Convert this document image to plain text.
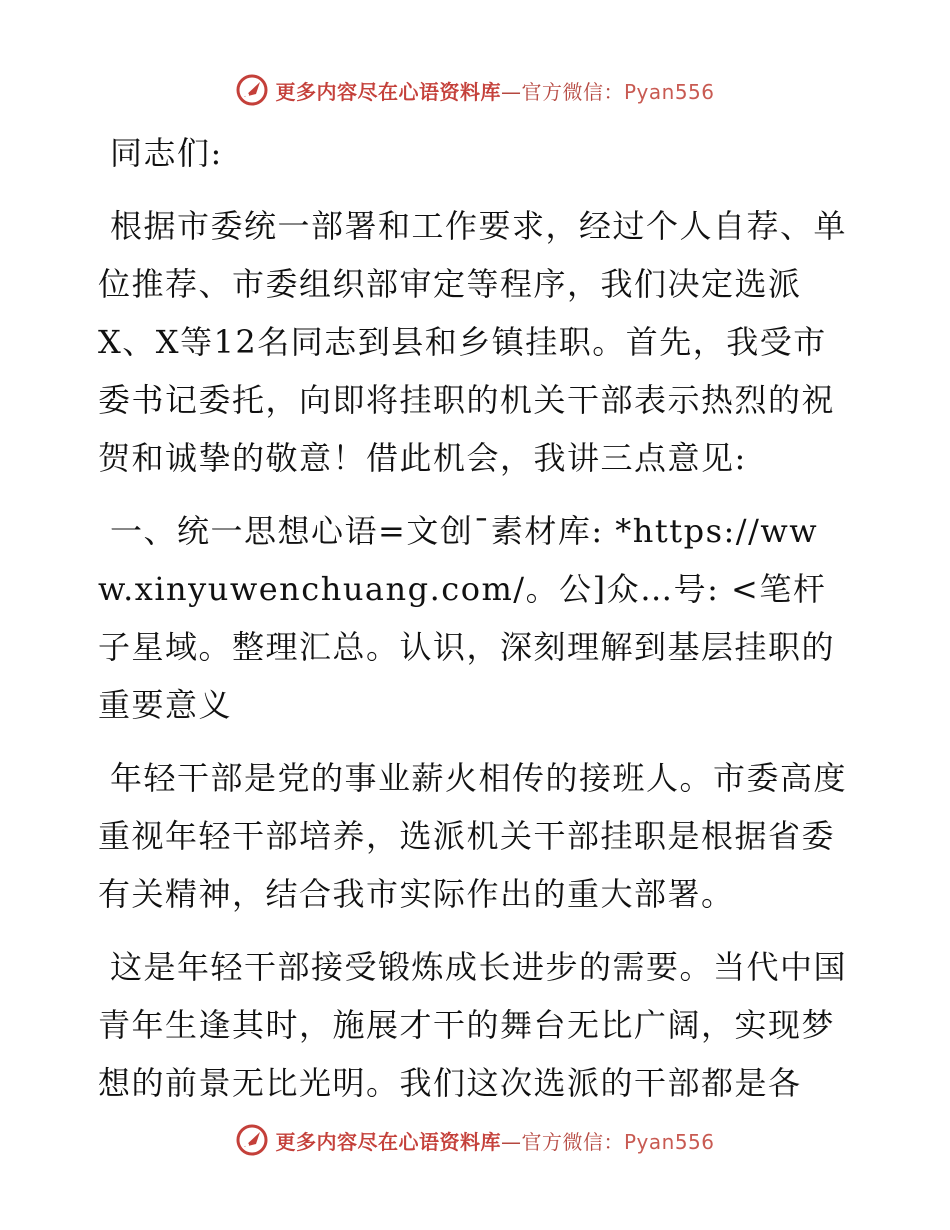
更多内容尽在心语资料库—官方微信：Pyan556

同志们:

根据市委统一部署和工作要求，经过个人自荐、单位推荐、市委组织部审定等程序，我们决定选派X、X等12名同志到县和乡镇挂职。首先，我受市委书记委托，向即将挂职的机关干部表示热烈的祝贺和诚挚的敬意！借此机会，我讲三点意见:

一、统一思想心语=文创¯素材库: *https://www.xinyuwenchuang.com/。公]众…号: <笔杆子星域。整理汇总。认识，深刻理解到基层挂职的重要意义

年轻干部是党的事业薪火相传的接班人。市委高度重视年轻干部培养，选派机关干部挂职是根据省委有关精神，结合我市实际作出的重大部署。

这是年轻干部接受锻炼成长进步的需要。当代中国青年生逢其时，施展才干的舞台无比广阔，实现梦想的前景无比光明。我们这次选派的干部都是各

更多内容尽在心语资料库—官方微信：Pyan556
